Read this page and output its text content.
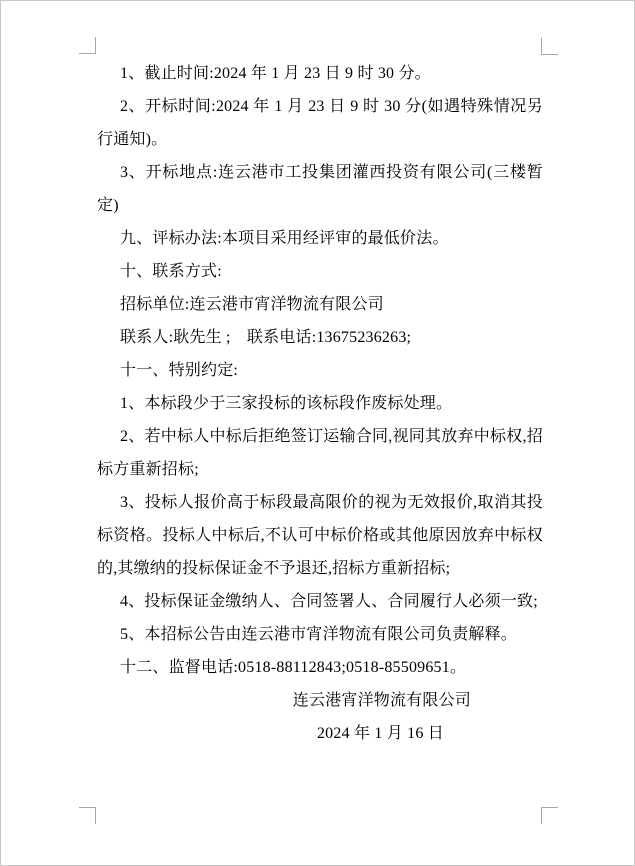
1、截止时间:2024 年 1 月 23 日 9 时 30 分。

2、开标时间:2024 年 1 月 23 日 9 时 30 分(如遇特殊情况另行通知)。

3、开标地点:连云港市工投集团灌西投资有限公司(三楼暂定)

九、评标办法:本项目采用经评审的最低价法。

十、联系方式:

招标单位:连云港市宵洋物流有限公司

联系人:耿先生 ; 联系电话:13675236263;

十一、特别约定:

1、本标段少于三家投标的该标段作废标处理。

2、若中标人中标后拒绝签订运输合同,视同其放弃中标权,招标方重新招标;

3、投标人报价高于标段最高限价的视为无效报价,取消其投标资格。投标人中标后,不认可中标价格或其他原因放弃中标权的,其缴纳的投标保证金不予退还,招标方重新招标;

4、投标保证金缴纳人、合同签署人、合同履行人必须一致;

5、本招标公告由连云港市宵洋物流有限公司负责解释。

十二、监督电话:0518-88112843;0518-85509651。

连云港宵洋物流有限公司

2024 年 1 月 16 日
